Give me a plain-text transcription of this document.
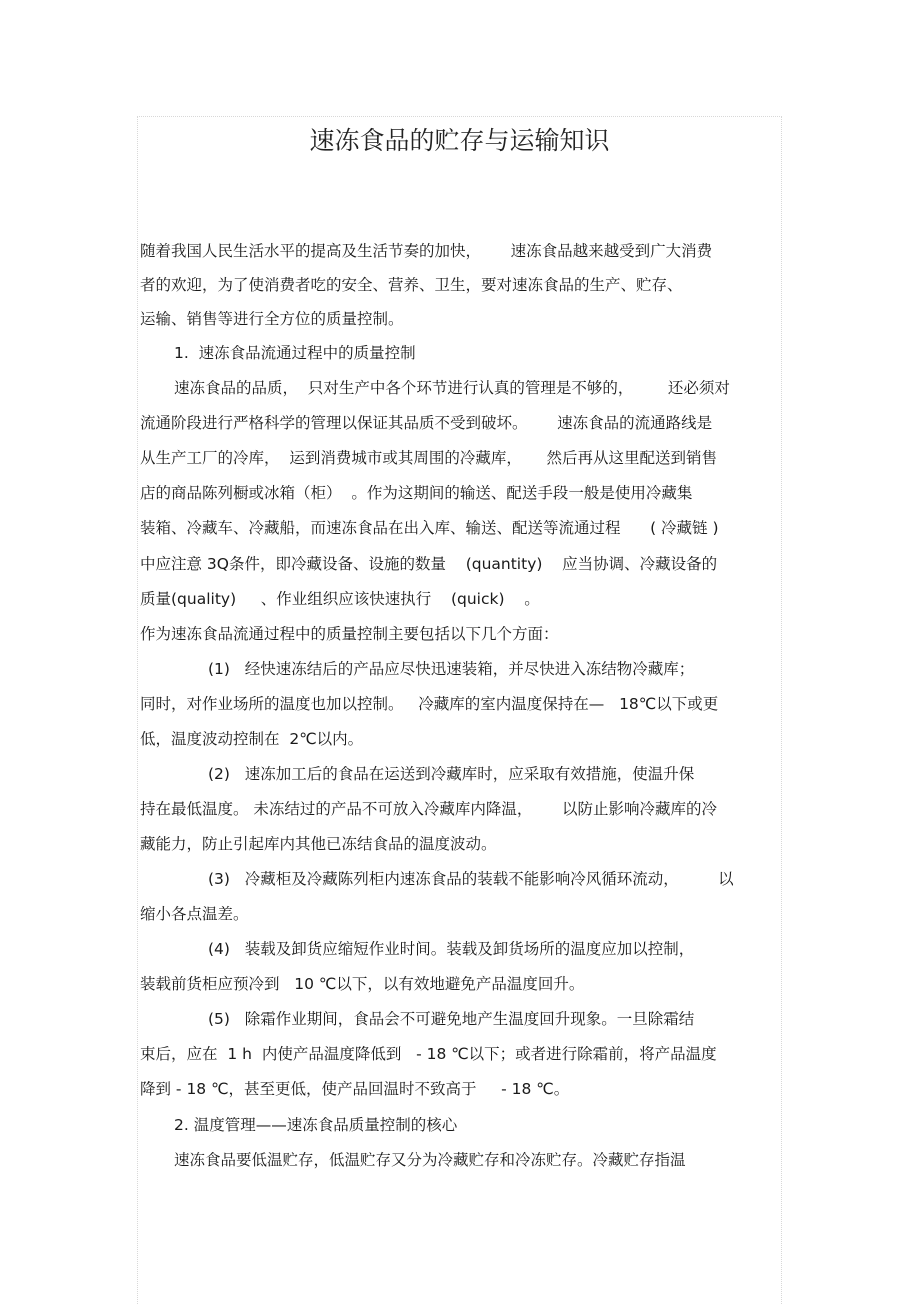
速冻食品的贮存与运输知识
随着我国人民生活水平的提高及生活节奏的加快，      速冻食品越来越受到广大消费
者的欢迎，为了使消费者吃的安全、营养、卫生，要对速冻食品的生产、贮存、
运输、销售等进行全方位的质量控制。
1.  速冻食品流通过程中的质量控制
速冻食品的品质，  只对生产中各个环节进行认真的管理是不够的，       还必须对
流通阶段进行严格科学的管理以保证其品质不受到破坏。      速冻食品的流通路线是
从生产工厂的冷库，  运到消费城市或其周围的冷藏库，     然后再从这里配送到销售
店的商品陈列橱或冰箱（柜）  。作为这期间的输送、配送手段一般是使用冷藏集
装箱、冷藏车、冷藏船，而速冻食品在出入库、输送、配送等流通过程      ( 冷藏链 )
中应注意 3Q条件，即冷藏设备、设施的数量    (quantity)    应当协调、冷藏设备的
质量(quality)     、作业组织应该快速执行    (quick)    。
作为速冻食品流通过程中的质量控制主要包括以下几个方面：
(1)   经快速冻结后的产品应尽快迅速装箱，并尽快进入冻结物冷藏库；
同时，对作业场所的温度也加以控制。   冷藏库的室内温度保持在—   18℃以下或更
低，温度波动控制在  2℃以内。
(2)   速冻加工后的食品在运送到冷藏库时，应采取有效措施，使温升保
持在最低温度。 未冻结过的产品不可放入冷藏库内降温，      以防止影响冷藏库的冷
藏能力，防止引起库内其他已冻结食品的温度波动。
(3)   冷藏柜及冷藏陈列柜内速冻食品的装载不能影响冷风循环流动，        以
缩小各点温差。
(4)   装载及卸货应缩短作业时间。装载及卸货场所的温度应加以控制，
装载前货柜应预冷到   10 ℃以下，以有效地避免产品温度回升。
(5)   除霜作业期间，食品会不可避免地产生温度回升现象。一旦除霜结
束后，应在  1 h  内使产品温度降低到   - 18 ℃以下；或者进行除霜前，将产品温度
降到 - 18 ℃，甚至更低，使产品回温时不致高于     - 18 ℃。
2. 温度管理——速冻食品质量控制的核心
速冻食品要低温贮存，低温贮存又分为冷藏贮存和冷冻贮存。冷藏贮存指温
